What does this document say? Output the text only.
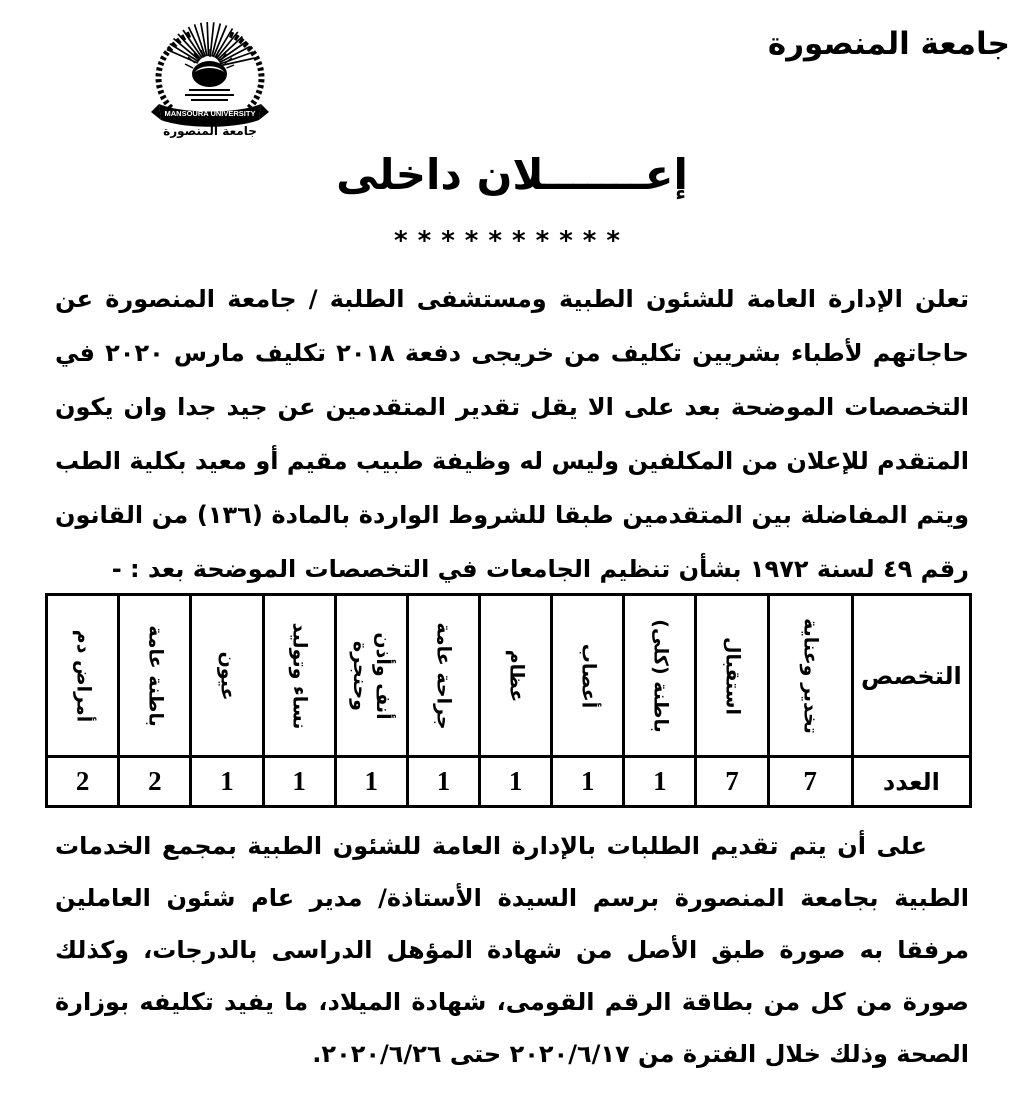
جامعة المنصورة
MANSOURA UNIVERSITY
جامعة المنصورة
إعـــــــلان داخلى
**********
تعلن الإدارة العامة للشئون الطبية ومستشفى الطلبة / جامعة المنصورة عن حاجاتهم لأطباء بشريين تكليف من خريجى دفعة ٢٠١٨ تكليف مارس ٢٠٢٠ في التخصصات الموضحة بعد على الا يقل تقدير المتقدمين عن جيد جدا وان يكون المتقدم للإعلان من المكلفين وليس له وظيفة طبيب مقيم أو معيد بكلية الطب ويتم المفاضلة بين المتقدمين طبقا للشروط الواردة بالمادة (١٣٦) من القانون رقم ٤٩ لسنة ١٩٧٢ بشأن تنظيم الجامعات في التخصصات الموضحة بعد : -
التخصص	تخدير وعناية	استقبال	باطنة (كلى)	أعصاب	عظام	جراحة عامة	أنف وأذن وحنجرة	نساء وتوليد	عيون	باطنة عامة	أمراض دم

العدد	7	7	1	1	1	1	1	1	1	2	2
على أن يتم تقديم الطلبات بالإدارة العامة للشئون الطبية بمجمع الخدمات الطبية بجامعة المنصورة برسم السيدة الأستاذة/ مدير عام شئون العاملين مرفقا به صورة طبق الأصل من شهادة المؤهل الدراسى بالدرجات، وكذلك صورة من كل من بطاقة الرقم القومى، شهادة الميلاد، ما يفيد تكليفه بوزارة الصحة وذلك خلال الفترة من ٢٠٢٠/٦/١٧ حتى ٢٠٢٠/٦/٢٦.
